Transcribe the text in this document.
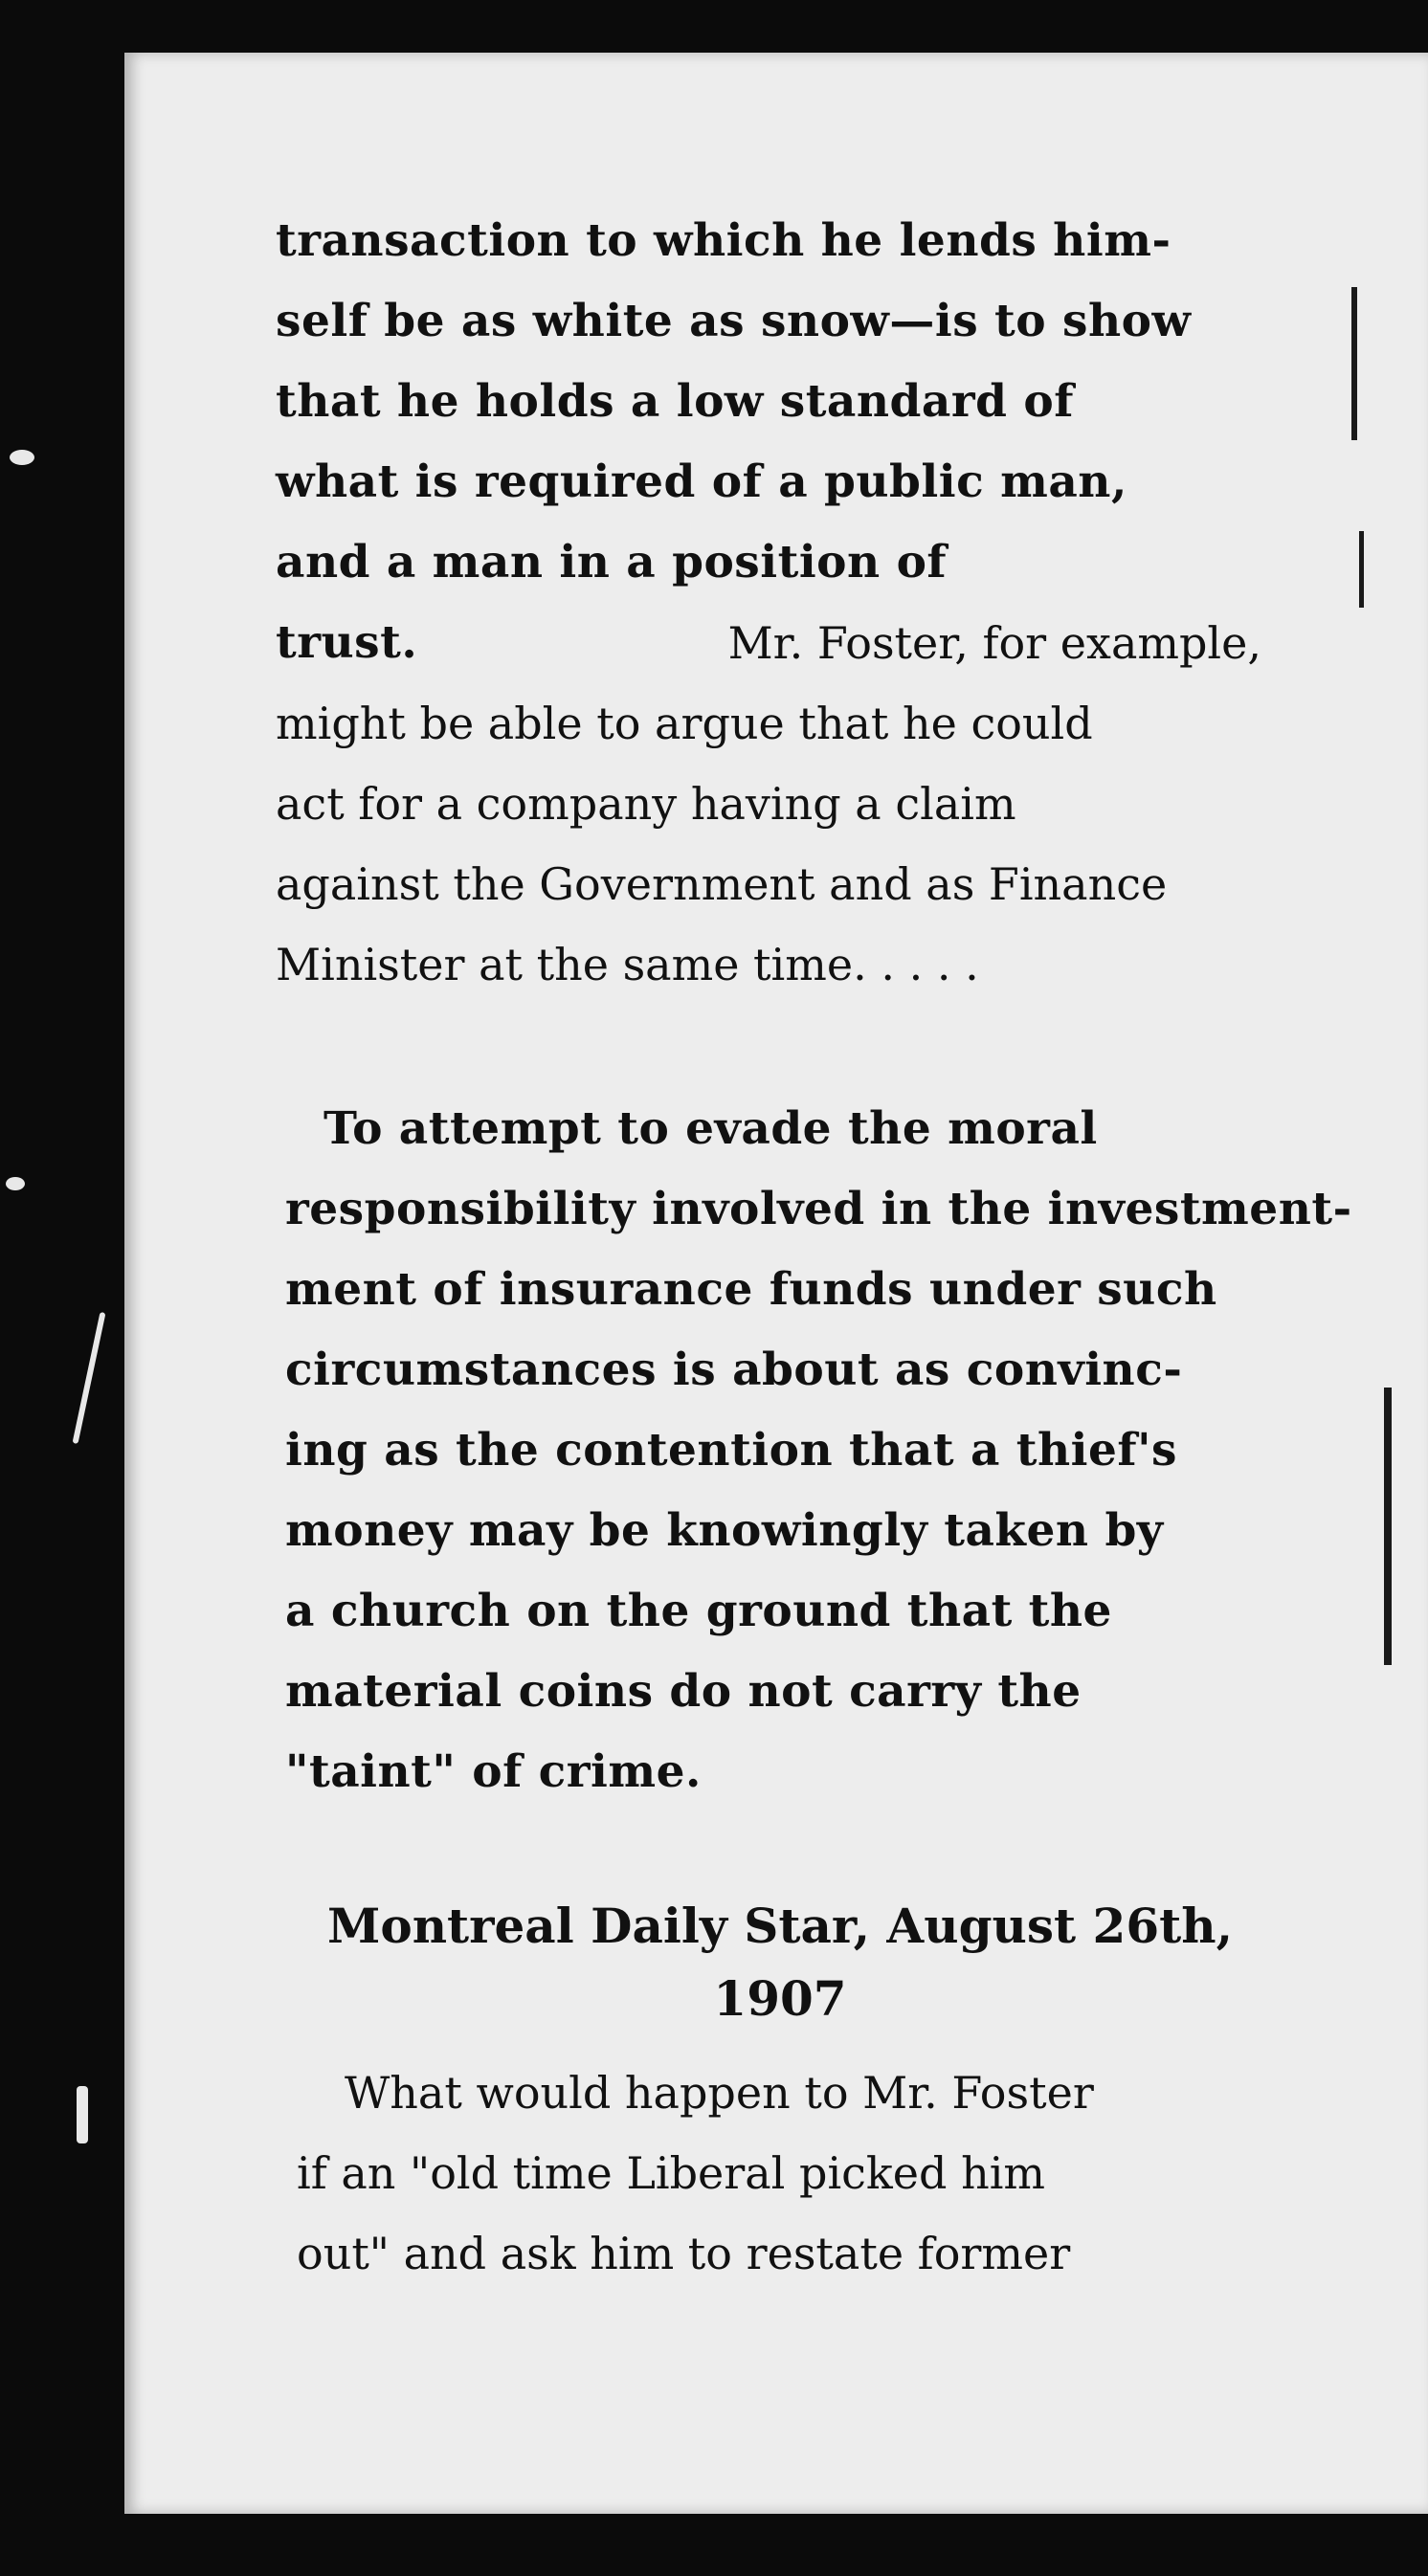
transaction to which he lends him-
self be as white as snow—is to show
that he holds a low standard of
what is required of a public man,
and a man in a position of
trust.	Mr. Foster, for example,
might be able to argue that he could
act for a company having a claim
against the Government and as Finance
Minister at the same time. . . . .
To attempt to evade the moral
responsibility involved in the investment-
ment of insurance funds under such
circumstances is about as convinc-
ing as the contention that a thief's
money may be knowingly taken by
a church on the ground that the
material coins do not carry the
"taint" of crime.
Montreal Daily Star, August 26th,
1907
What would happen to Mr. Foster
if an "old time Liberal picked him
out" and ask him to restate former
